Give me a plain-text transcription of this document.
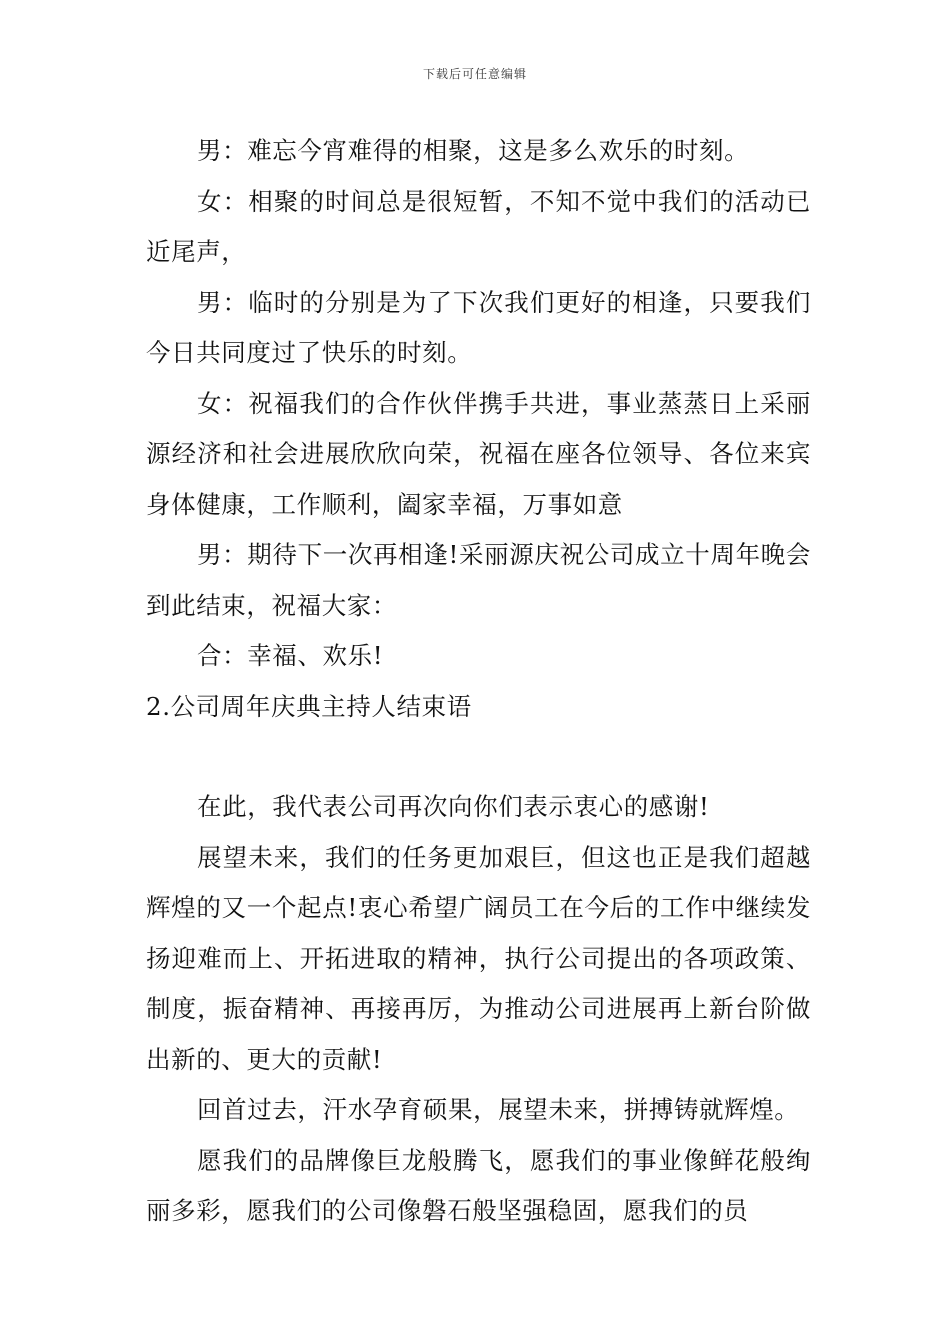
下载后可任意编辑

男：难忘今宵难得的相聚，这是多么欢乐的时刻。

女：相聚的时间总是很短暂，不知不觉中我们的活动已近尾声，

男：临时的分别是为了下次我们更好的相逢，只要我们今日共同度过了快乐的时刻。

女：祝福我们的合作伙伴携手共进，事业蒸蒸日上采丽源经济和社会进展欣欣向荣，祝福在座各位领导、各位来宾身体健康，工作顺利，阖家幸福，万事如意

男：期待下一次再相逢!采丽源庆祝公司成立十周年晚会到此结束，祝福大家：

合：幸福、欢乐!

2.公司周年庆典主持人结束语

在此，我代表公司再次向你们表示衷心的感谢!

展望未来，我们的任务更加艰巨，但这也正是我们超越辉煌的又一个起点!衷心希望广阔员工在今后的工作中继续发扬迎难而上、开拓进取的精神，执行公司提出的各项政策、制度，振奋精神、再接再厉，为推动公司进展再上新台阶做出新的、更大的贡献!

回首过去，汗水孕育硕果，展望未来，拼搏铸就辉煌。

愿我们的品牌像巨龙般腾飞，愿我们的事业像鲜花般绚丽多彩，愿我们的公司像磐石般坚强稳固，愿我们的员
